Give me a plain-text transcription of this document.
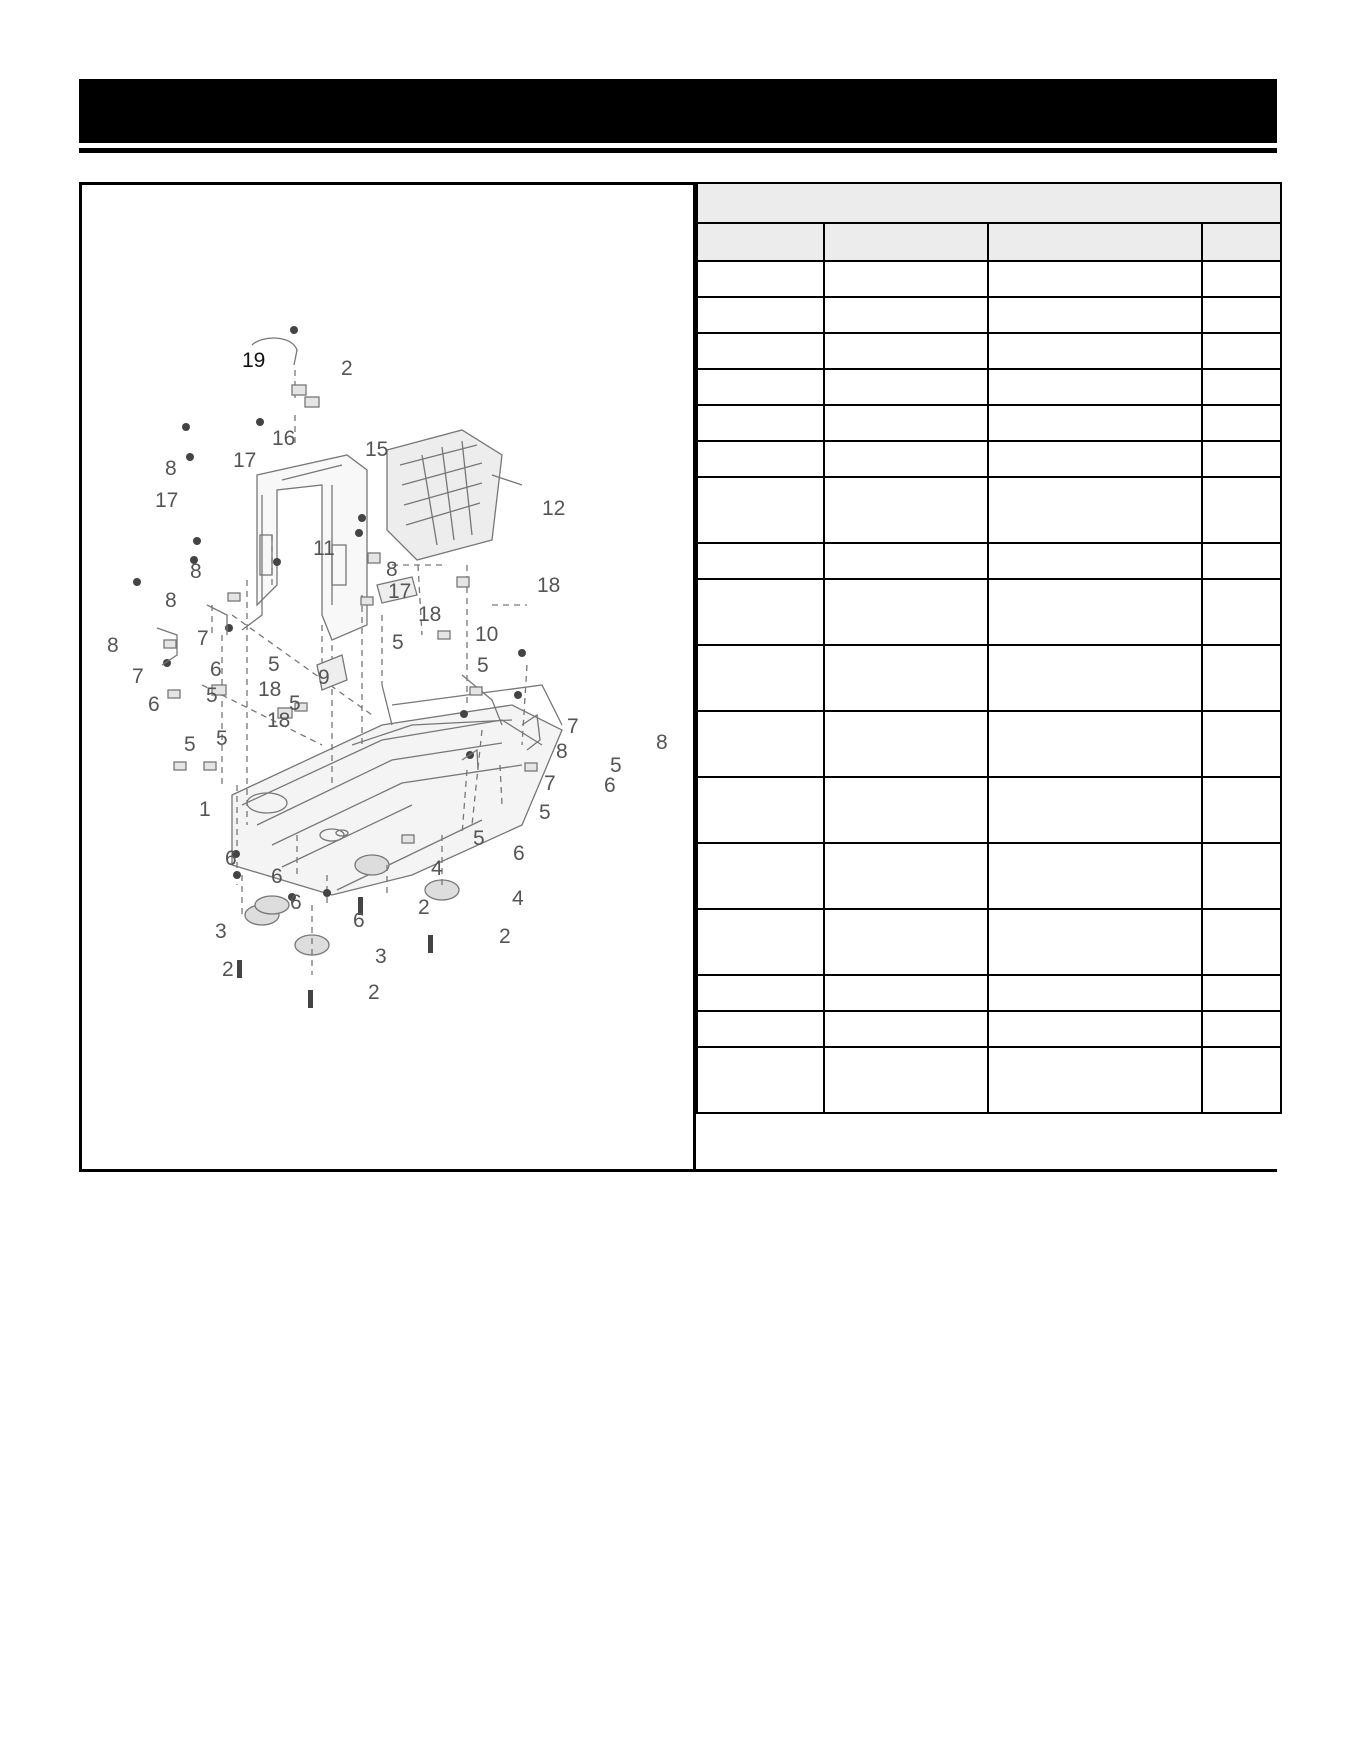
19	2
16	15
8	17
17	12
11
8
17	18
8
8
18
7	10
8
5
7	6
5
18
5
5
9
6	5
18
5 5
7
8	8
5
6
1
7
5
6
5
6
6	4
6
6
2	4
3	2
2
3
2
